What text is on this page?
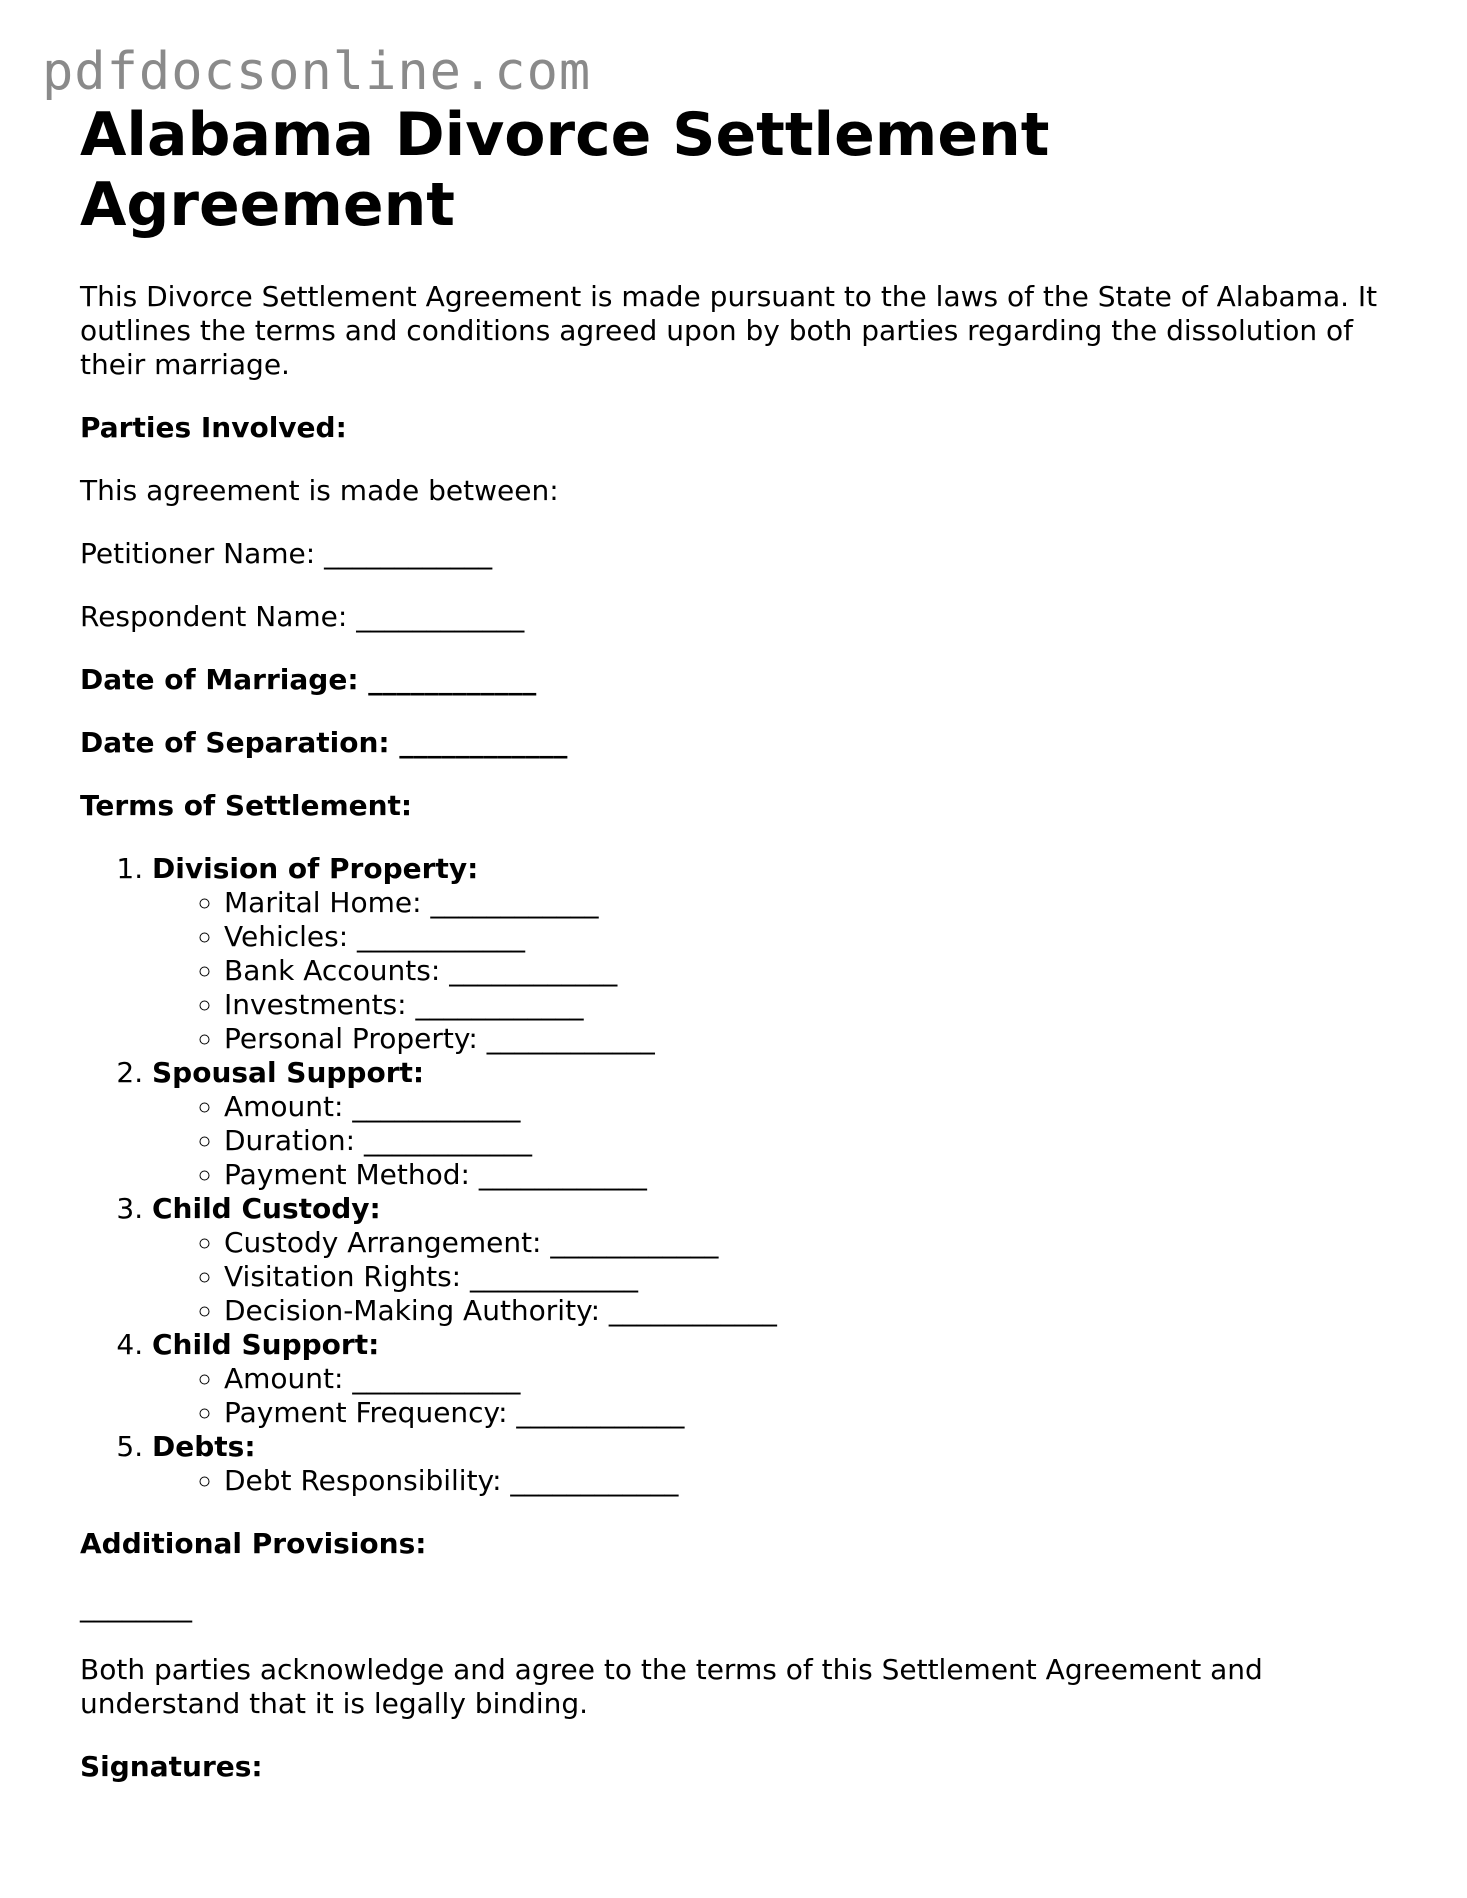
pdfdocsonline.com
Alabama Divorce Settlement Agreement

This Divorce Settlement Agreement is made pursuant to the laws of the State of Alabama. It outlines the terms and conditions agreed upon by both parties regarding the dissolution of their marriage.

Parties Involved:

This agreement is made between:

Petitioner Name: ____________

Respondent Name: ____________

Date of Marriage: ____________

Date of Separation: ____________

Terms of Settlement:

1. Division of Property:
◦ Marital Home: ____________
◦ Vehicles: ____________
◦ Bank Accounts: ____________
◦ Investments: ____________
◦ Personal Property: ____________
2. Spousal Support:
◦ Amount: ____________
◦ Duration: ____________
◦ Payment Method: ____________
3. Child Custody:
◦ Custody Arrangement: ____________
◦ Visitation Rights: ____________
◦ Decision-Making Authority: ____________
4. Child Support:
◦ Amount: ____________
◦ Payment Frequency: ____________
5. Debts:
◦ Debt Responsibility: ____________

Additional Provisions:

________

Both parties acknowledge and agree to the terms of this Settlement Agreement and understand that it is legally binding.

Signatures:
